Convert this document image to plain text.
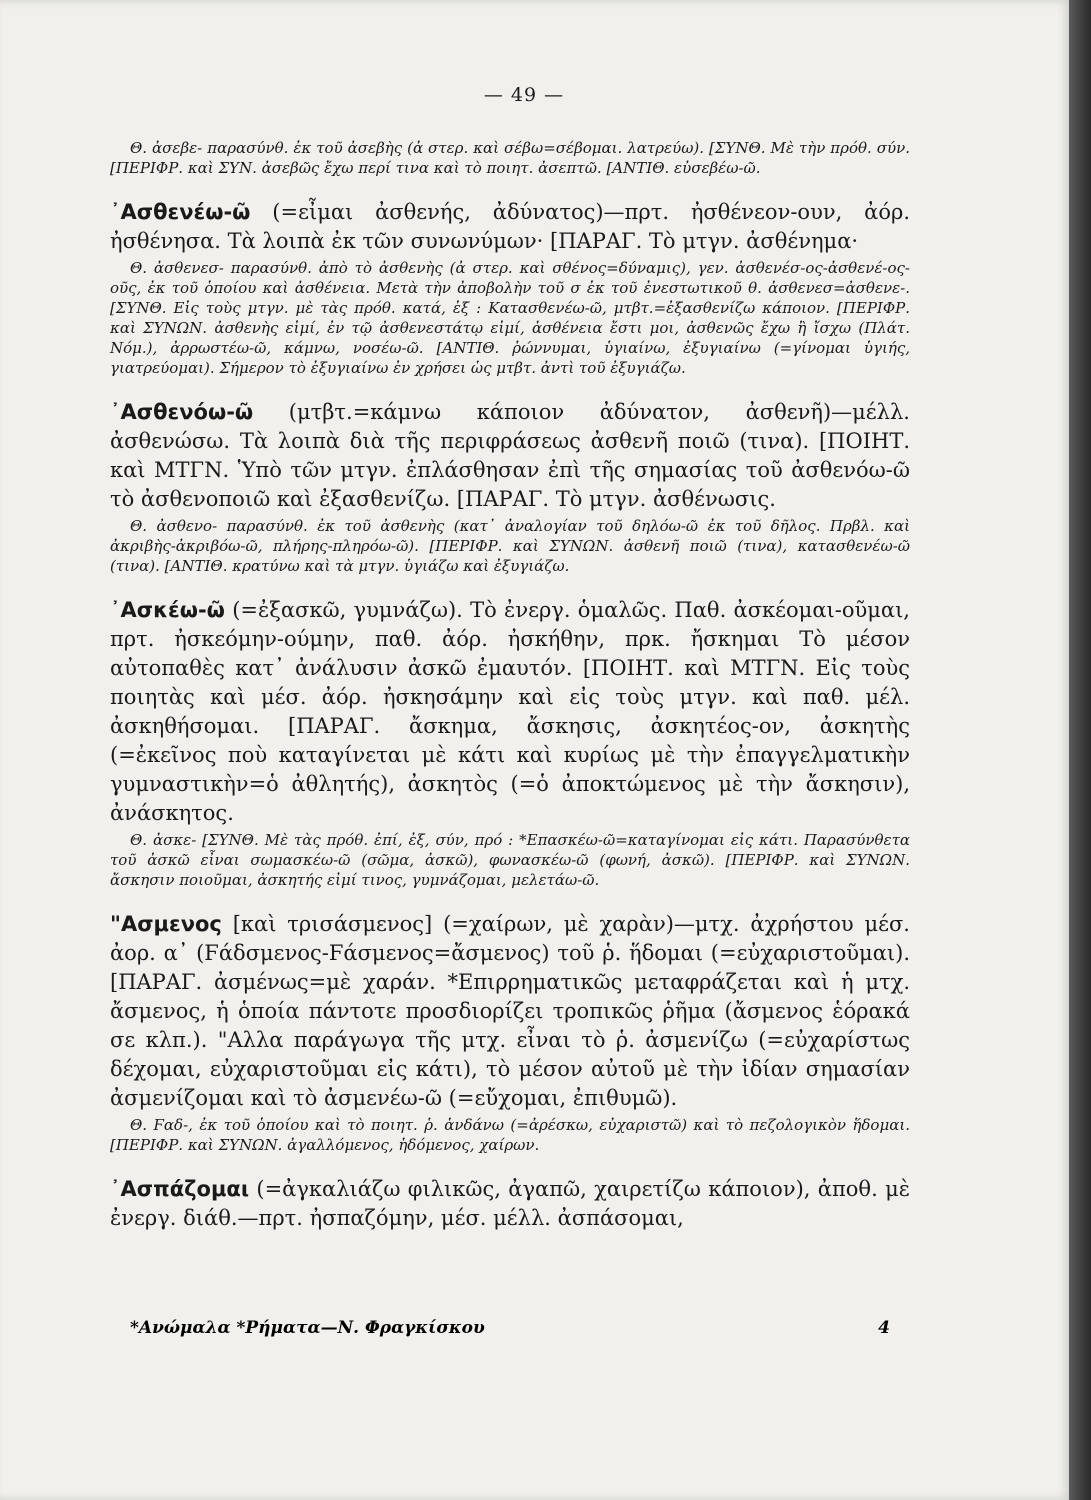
— 49 —

Θ. ἀσεβε- παρασύνθ. ἐκ τοῦ ἀσεβὴς (ἀ στερ. καὶ σέβω=σέβομαι. λατρεύω). [ΣΥΝΘ. Μὲ τὴν πρόθ. σύν. [ΠΕΡΙΦΡ. καὶ ΣΥΝ. ἀσεβῶς ἔχω περί τινα καὶ τὸ ποιητ. ἀσεπτῶ. [ΑΝΤΙΘ. εὐσεβέω-ῶ.

᾿Ασθενέω-ῶ (=εἶμαι ἀσθενής, ἀδύνατος)—πρτ. ἠσθένεον-ουν, ἀόρ. ἠσθένησα. Τὰ λοιπὰ ἐκ τῶν συνωνύμων· [ΠΑΡΑΓ. Τὸ μτγν. ἀσθένημα·

Θ. ἀσθενεσ- παρασύνθ. ἀπὸ τὸ ἀσθενὴς (ἀ στερ. καὶ σθένος=δύναμις), γεν. ἀσθενέσ-ος-ἀσθενέ-ος-οῦς, ἐκ τοῦ ὁποίου καὶ ἀσθένεια. Μετὰ τὴν ἀποβολὴν τοῦ σ ἐκ τοῦ ἐνεστωτικοῦ θ. ἀσθενεσ=ἀσθενε-. [ΣΥΝΘ. Εἰς τοὺς μτγν. μὲ τὰς πρόθ. κατά, ἐξ : Κατασθενέω-ῶ, μτβτ.=ἐξασθενίζω κάποιον. [ΠΕΡΙΦΡ. καὶ ΣΥΝΩΝ. ἀσθενὴς εἰμί, ἐν τῷ ἀσθενεστάτῳ εἰμί, ἀσθένεια ἔστι μοι, ἀσθενῶς ἔχω ἢ ἴσχω (Πλάτ. Νόμ.), ἀρρωστέω-ῶ, κάμνω, νοσέω-ῶ. [ΑΝΤΙΘ. ῥώννυμαι, ὑγιαίνω, ἐξυγιαίνω (=γίνομαι ὑγιής, γιατρεύομαι). Σήμερον τὸ ἐξυγιαίνω ἐν χρήσει ὡς μτβτ. ἀντὶ τοῦ ἐξυγιάζω.

᾿Ασθενόω-ῶ (μτβτ.=κάμνω κάποιον ἀδύνατον, ἀσθενῆ)—μέλλ. ἀσθενώσω. Τὰ λοιπὰ διὰ τῆς περιφράσεως ἀσθενῆ ποιῶ (τινα). [ΠΟΙΗΤ. καὶ ΜΤΓΝ. Ὑπὸ τῶν μτγν. ἐπλάσθησαν ἐπὶ τῆς σημασίας τοῦ ἀσθενόω-ῶ τὸ ἀσθενοποιῶ καὶ ἐξασθενίζω. [ΠΑΡΑΓ. Τὸ μτγν. ἀσθένωσις.

Θ. ἀσθενο- παρασύνθ. ἐκ τοῦ ἀσθενὴς (κατ᾿ ἀναλογίαν τοῦ δηλόω-ῶ ἐκ τοῦ δῆλος. Πρβλ. καὶ ἀκριβὴς-ἀκριβόω-ῶ, πλήρης-πληρόω-ῶ). [ΠΕΡΙΦΡ. καὶ ΣΥΝΩΝ. ἀσθενῆ ποιῶ (τινα), κατασθενέω-ῶ (τινα). [ΑΝΤΙΘ. κρατύνω καὶ τὰ μτγν. ὑγιάζω καὶ ἐξυγιάζω.

᾿Ασκέω-ῶ (=ἐξασκῶ, γυμνάζω). Τὸ ἐνεργ. ὁμαλῶς. Παθ. ἀσκέομαι-οῦμαι, πρτ. ἠσκεόμην-ούμην, παθ. ἀόρ. ἠσκήθην, πρκ. ἤσκημαι Τὸ μέσον αὐτοπαθὲς κατ᾿ ἀνάλυσιν ἀσκῶ ἐμαυτόν. [ΠΟΙΗΤ. καὶ ΜΤΓΝ. Εἰς τοὺς ποιητὰς καὶ μέσ. ἀόρ. ἠσκησάμην καὶ εἰς τοὺς μτγν. καὶ παθ. μέλ. ἀσκηθήσομαι. [ΠΑΡΑΓ. ἄσκημα, ἄσκησις, ἀσκητέος-ον, ἀσκητὴς (=ἐκεῖνος ποὺ καταγίνεται μὲ κάτι καὶ κυρίως μὲ τὴν ἐπαγγελματικὴν γυμναστικὴν=ὁ ἀθλητής), ἀσκητὸς (=ὁ ἀποκτώμενος μὲ τὴν ἄσκησιν), ἀνάσκητος.

Θ. ἀσκε- [ΣΥΝΘ. Μὲ τὰς πρόθ. ἐπί, ἐξ, σύν, πρό : *Επασκέω-ῶ=καταγίνομαι εἰς κάτι. Παρασύνθετα τοῦ ἀσκῶ εἶναι σωμασκέω-ῶ (σῶμα, ἀσκῶ), φωνασκέω-ῶ (φωνή, ἀσκῶ). [ΠΕΡΙΦΡ. καὶ ΣΥΝΩΝ. ἄσκησιν ποιοῦμαι, ἀσκητής εἰμί τινος, γυμνάζομαι, μελετάω-ῶ.

"Ασμενος [καὶ τρισάσμενος] (=χαίρων, μὲ χαρὰν)—μτχ. ἀχρήστου μέσ. ἀορ. α᾿ (Ϝάδσμενος-Ϝάσμενος=ἄσμενος) τοῦ ῥ. ἥδομαι (=εὐχαριστοῦμαι). [ΠΑΡΑΓ. ἀσμένως=μὲ χαράν. *Επιρρηματικῶς μεταφράζεται καὶ ἡ μτχ. ἄσμενος, ἡ ὁποία πάντοτε προσδιορίζει τροπικῶς ῥῆμα (ἄσμενος ἑόρακά σε κλπ.). "Αλλα παράγωγα τῆς μτχ. εἶναι τὸ ῥ. ἀσμενίζω (=εὐχαρίστως δέχομαι, εὐχαριστοῦμαι εἰς κάτι), τὸ μέσον αὐτοῦ μὲ τὴν ἰδίαν σημασίαν ἀσμενίζομαι καὶ τὸ ἀσμενέω-ῶ (=εὔχομαι, ἐπιθυμῶ).

Θ. Ϝαδ-, ἐκ τοῦ ὁποίου καὶ τὸ ποιητ. ῥ. ἁνδάνω (=ἀρέσκω, εὐχαριστῶ) καὶ τὸ πεζολογικὸν ἥδομαι. [ΠΕΡΙΦΡ. καὶ ΣΥΝΩΝ. ἀγαλλόμενος, ἡδόμενος, χαίρων.

᾿Ασπάζομαι (=ἀγκαλιάζω φιλικῶς, ἀγαπῶ, χαιρετίζω κάποιον), ἀποθ. μὲ ἐνεργ. διάθ.—πρτ. ἠσπαζόμην, μέσ. μέλλ. ἀσπάσομαι,

*Ανώμαλα *Ρήματα—Ν. Φραγκίσκου	4
